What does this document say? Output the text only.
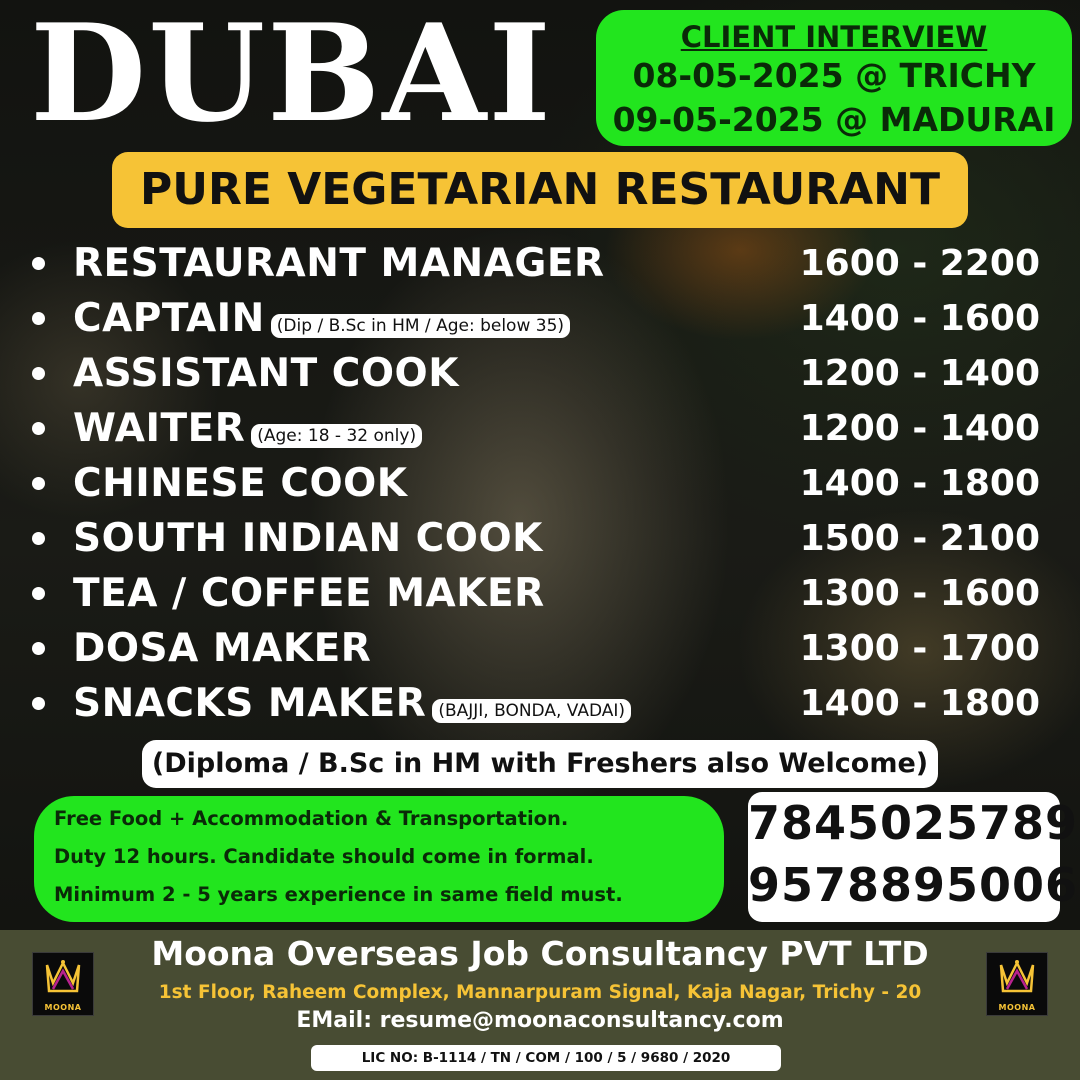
DUBAI	CLIENT INTERVIEW
08-05-2025 @ TRICHY
09-05-2025 @ MADURAI
PURE VEGETARIAN RESTAURANT
RESTAURANT MANAGER	1600 - 2200
CAPTAIN (Dip / B.Sc in HM / Age: below 35)	1400 - 1600
ASSISTANT COOK	1200 - 1400
WAITER (Age: 18 - 32 only)	1200 - 1400
CHINESE COOK	1400 - 1800
SOUTH INDIAN COOK	1500 - 2100
TEA / COFFEE MAKER	1300 - 1600
DOSA MAKER	1300 - 1700
SNACKS MAKER (BAJJI, BONDA, VADAI)	1400 - 1800
(Diploma / B.Sc in HM with Freshers also Welcome)
Free Food + Accommodation & Transportation.
Duty 12 hours. Candidate should come in formal.
Minimum 2 - 5 years experience in same field must.
7845025789
9578895006
MOONA	MOONA
Moona Overseas Job Consultancy PVT LTD
1st Floor, Raheem Complex, Mannarpuram Signal, Kaja Nagar, Trichy - 20
EMail: resume@moonaconsultancy.com
LIC NO: B-1114 / TN / COM / 100 / 5 / 9680 / 2020
